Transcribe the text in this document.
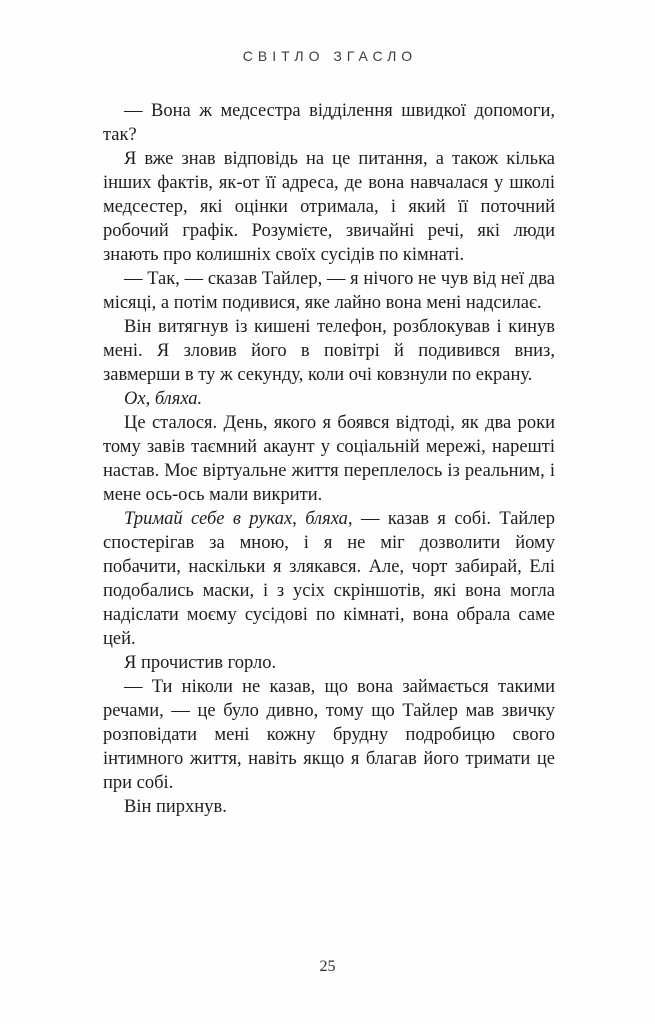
СВІТЛО ЗГАСЛО

— Вона ж медсестра відділення швидкої допомоги, так?

Я вже знав відповідь на це питання, а також кілька інших фактів, як-от її адреса, де вона навчалася у школі медсестер, які оцінки отримала, і який її поточний робочий графік. Розумієте, звичайні речі, які люди знають про колишніх своїх сусідів по кімнаті.

— Так, — сказав Тайлер, — я нічого не чув від неї два місяці, а потім подивися, яке лайно вона мені надсилає.

Він витягнув із кишені телефон, розблокував і кинув мені. Я зловив його в повітрі й подивився вниз, завмерши в ту ж секунду, коли очі ковзнули по екрану.

Ох, бляха.

Це сталося. День, якого я боявся відтоді, як два роки тому завів таємний акаунт у соціальній мережі, нарешті настав. Моє віртуальне життя переплелось із реальним, і мене ось-ось мали викрити.

Тримай себе в руках, бляха, — казав я собі. Тайлер спостерігав за мною, і я не міг дозволити йому побачити, наскільки я злякався. Але, чорт забирай, Елі подобались маски, і з усіх скріншотів, які вона могла надіслати моєму сусідові по кімнаті, вона обрала саме цей.

Я прочистив горло.

— Ти ніколи не казав, що вона займається такими речами, — це було дивно, тому що Тайлер мав звичку розповідати мені кожну брудну подробицю свого інтимного життя, навіть якщо я благав його тримати це при собі.

Він пирхнув.

25
